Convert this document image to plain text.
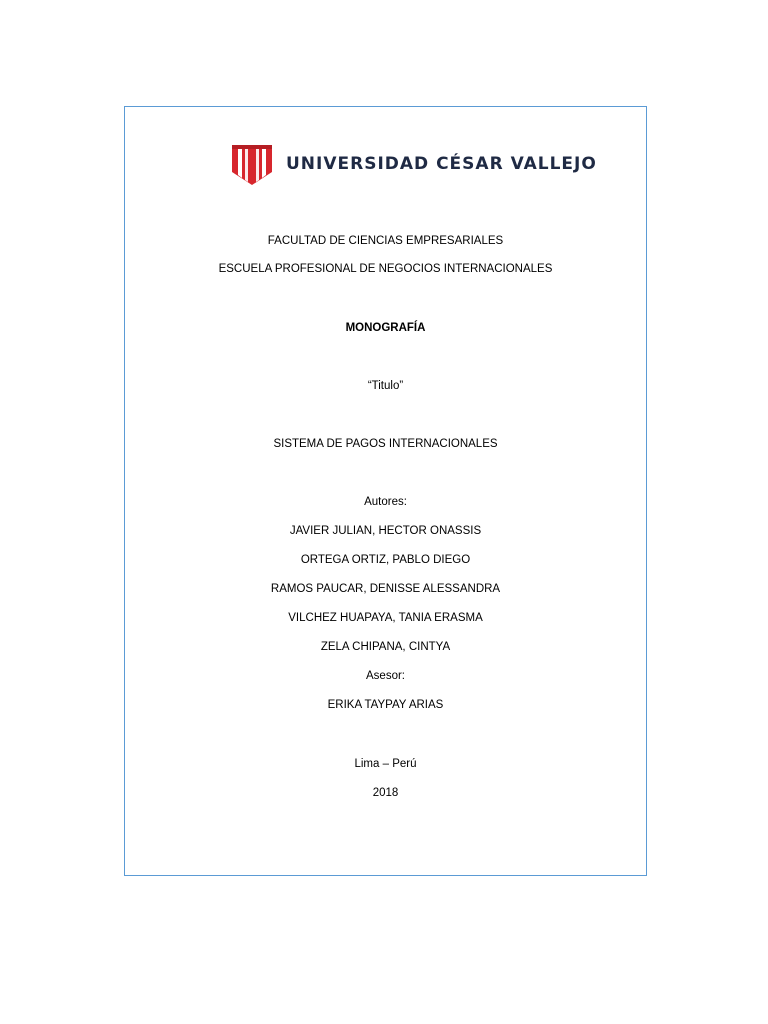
UNIVERSIDAD CÉSAR VALLEJO
FACULTAD DE CIENCIAS EMPRESARIALES
ESCUELA PROFESIONAL DE NEGOCIOS INTERNACIONALES
MONOGRAFÍA
“Titulo”
SISTEMA DE PAGOS INTERNACIONALES
Autores:
JAVIER JULIAN, HECTOR ONASSIS
ORTEGA ORTIZ, PABLO DIEGO
RAMOS PAUCAR, DENISSE ALESSANDRA
VILCHEZ HUAPAYA, TANIA ERASMA
ZELA CHIPANA, CINTYA
Asesor:
ERIKA TAYPAY ARIAS
Lima – Perú
2018
